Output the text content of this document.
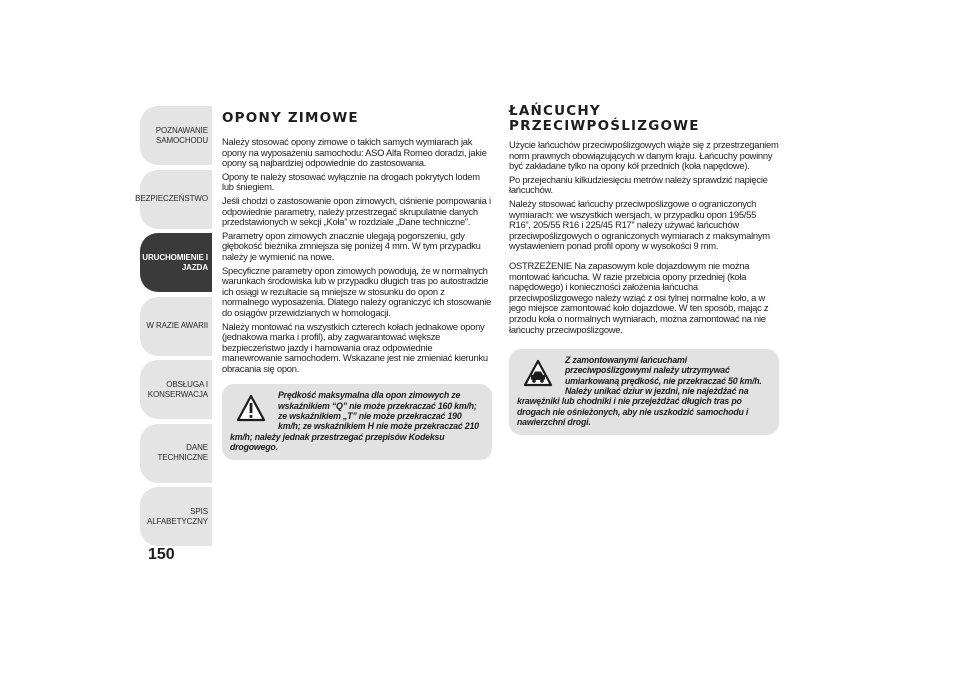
POZNAWANIE SAMOCHODU
BEZPIECZEŃSTWO
URUCHOMIENIE I JAZDA
W RAZIE AWARII
OBSŁUGA I KONSERWACJA
DANE TECHNICZNE
SPIS ALFABETYCZNY
150
OPONY ZIMOWE

Należy stosować opony zimowe o takich samych wymiarach jak opony na wyposażeniu samochodu: ASO Alfa Romeo doradzi, jakie opony są najbardziej odpowiednie do zastosowania.

Opony te należy stosować wyłącznie na drogach pokrytych lodem lub śniegiem.

Jeśli chodzi o zastosowanie opon zimowych, ciśnienie pompowania i odpowiednie parametry, należy przestrzegać skrupulatnie danych przedstawionych w sekcji „Koła” w rozdziale „Dane techniczne”.

Parametry opon zimowych znacznie ulegają pogorszeniu, gdy głębokość bieżnika zmniejsza się poniżej 4 mm. W tym przypadku należy je wymienić na nowe.

Specyficzne parametry opon zimowych powodują, że w normalnych warunkach środowiska lub w przypadku długich tras po autostradzie ich osiągi w rezultacie są mniejsze w stosunku do opon z normalnego wyposażenia. Dlatego należy ograniczyć ich stosowanie do osiągów przewidzianych w homologacji.

Należy montować na wszystkich czterech kołach jednakowe opony (jednakowa marka i profil), aby zagwarantować większe bezpieczeństwo jazdy i hamowania oraz odpowiednie manewrowanie samochodem. Wskazane jest nie zmieniać kierunku obracania się opon.

Prędkość maksymalna dla opon zimowych ze wskaźnikiem “Q” nie może przekraczać 160 km/h; ze wskaźnikiem „T” nie może przekraczać 190 km/h; ze wskaźnikiem H nie może przekraczać 210 km/h; należy jednak przestrzegać przepisów Kodeksu drogowego.
ŁAŃCUCHY
PRZECIWPOŚLIZGOWE

Użycie łańcuchów przeciwpoślizgowych wiąże się z przestrzeganiem norm prawnych obowiązujących w danym kraju. Łańcuchy powinny być zakładane tylko na opony kół przednich (koła napędowe).

Po przejechaniu kilkudziesięciu metrów należy sprawdzić napięcie łańcuchów.

Należy stosować łańcuchy przeciwpoślizgowe o ograniczonych wymiarach: we wszystkich wersjach, w przypadku opon 195/55 R16”, 205/55 R16 i 225/45 R17” należy używać łańcuchów przeciwpoślizgowych o ograniczonych wymiarach z maksymalnym wystawieniem ponad profil opony w wysokości 9 mm.

OSTRZEŻENIE Na zapasowym kole dojazdowym nie można montować łańcucha. W razie przebicia opony przedniej (koła napędowego) i konieczności założenia łańcucha przeciwpoślizgowego należy wziąć z osi tylnej normalne koło, a w jego miejsce zamontować koło dojazdowe. W ten sposób, mając z przodu koła o normalnych wymiarach, można zamontować na nie łańcuchy przeciwpoślizgowe.

Z zamontowanymi łańcuchami przeciwpoślizgowymi należy utrzymywać umiarkowaną prędkość, nie przekraczać 50 km/h. Należy unikać dziur w jezdni, nie najeżdżać na krawężniki lub chodniki i nie przejeżdżać długich tras po drogach nie ośnieżonych, aby nie uszkodzić samochodu i nawierzchni drogi.
